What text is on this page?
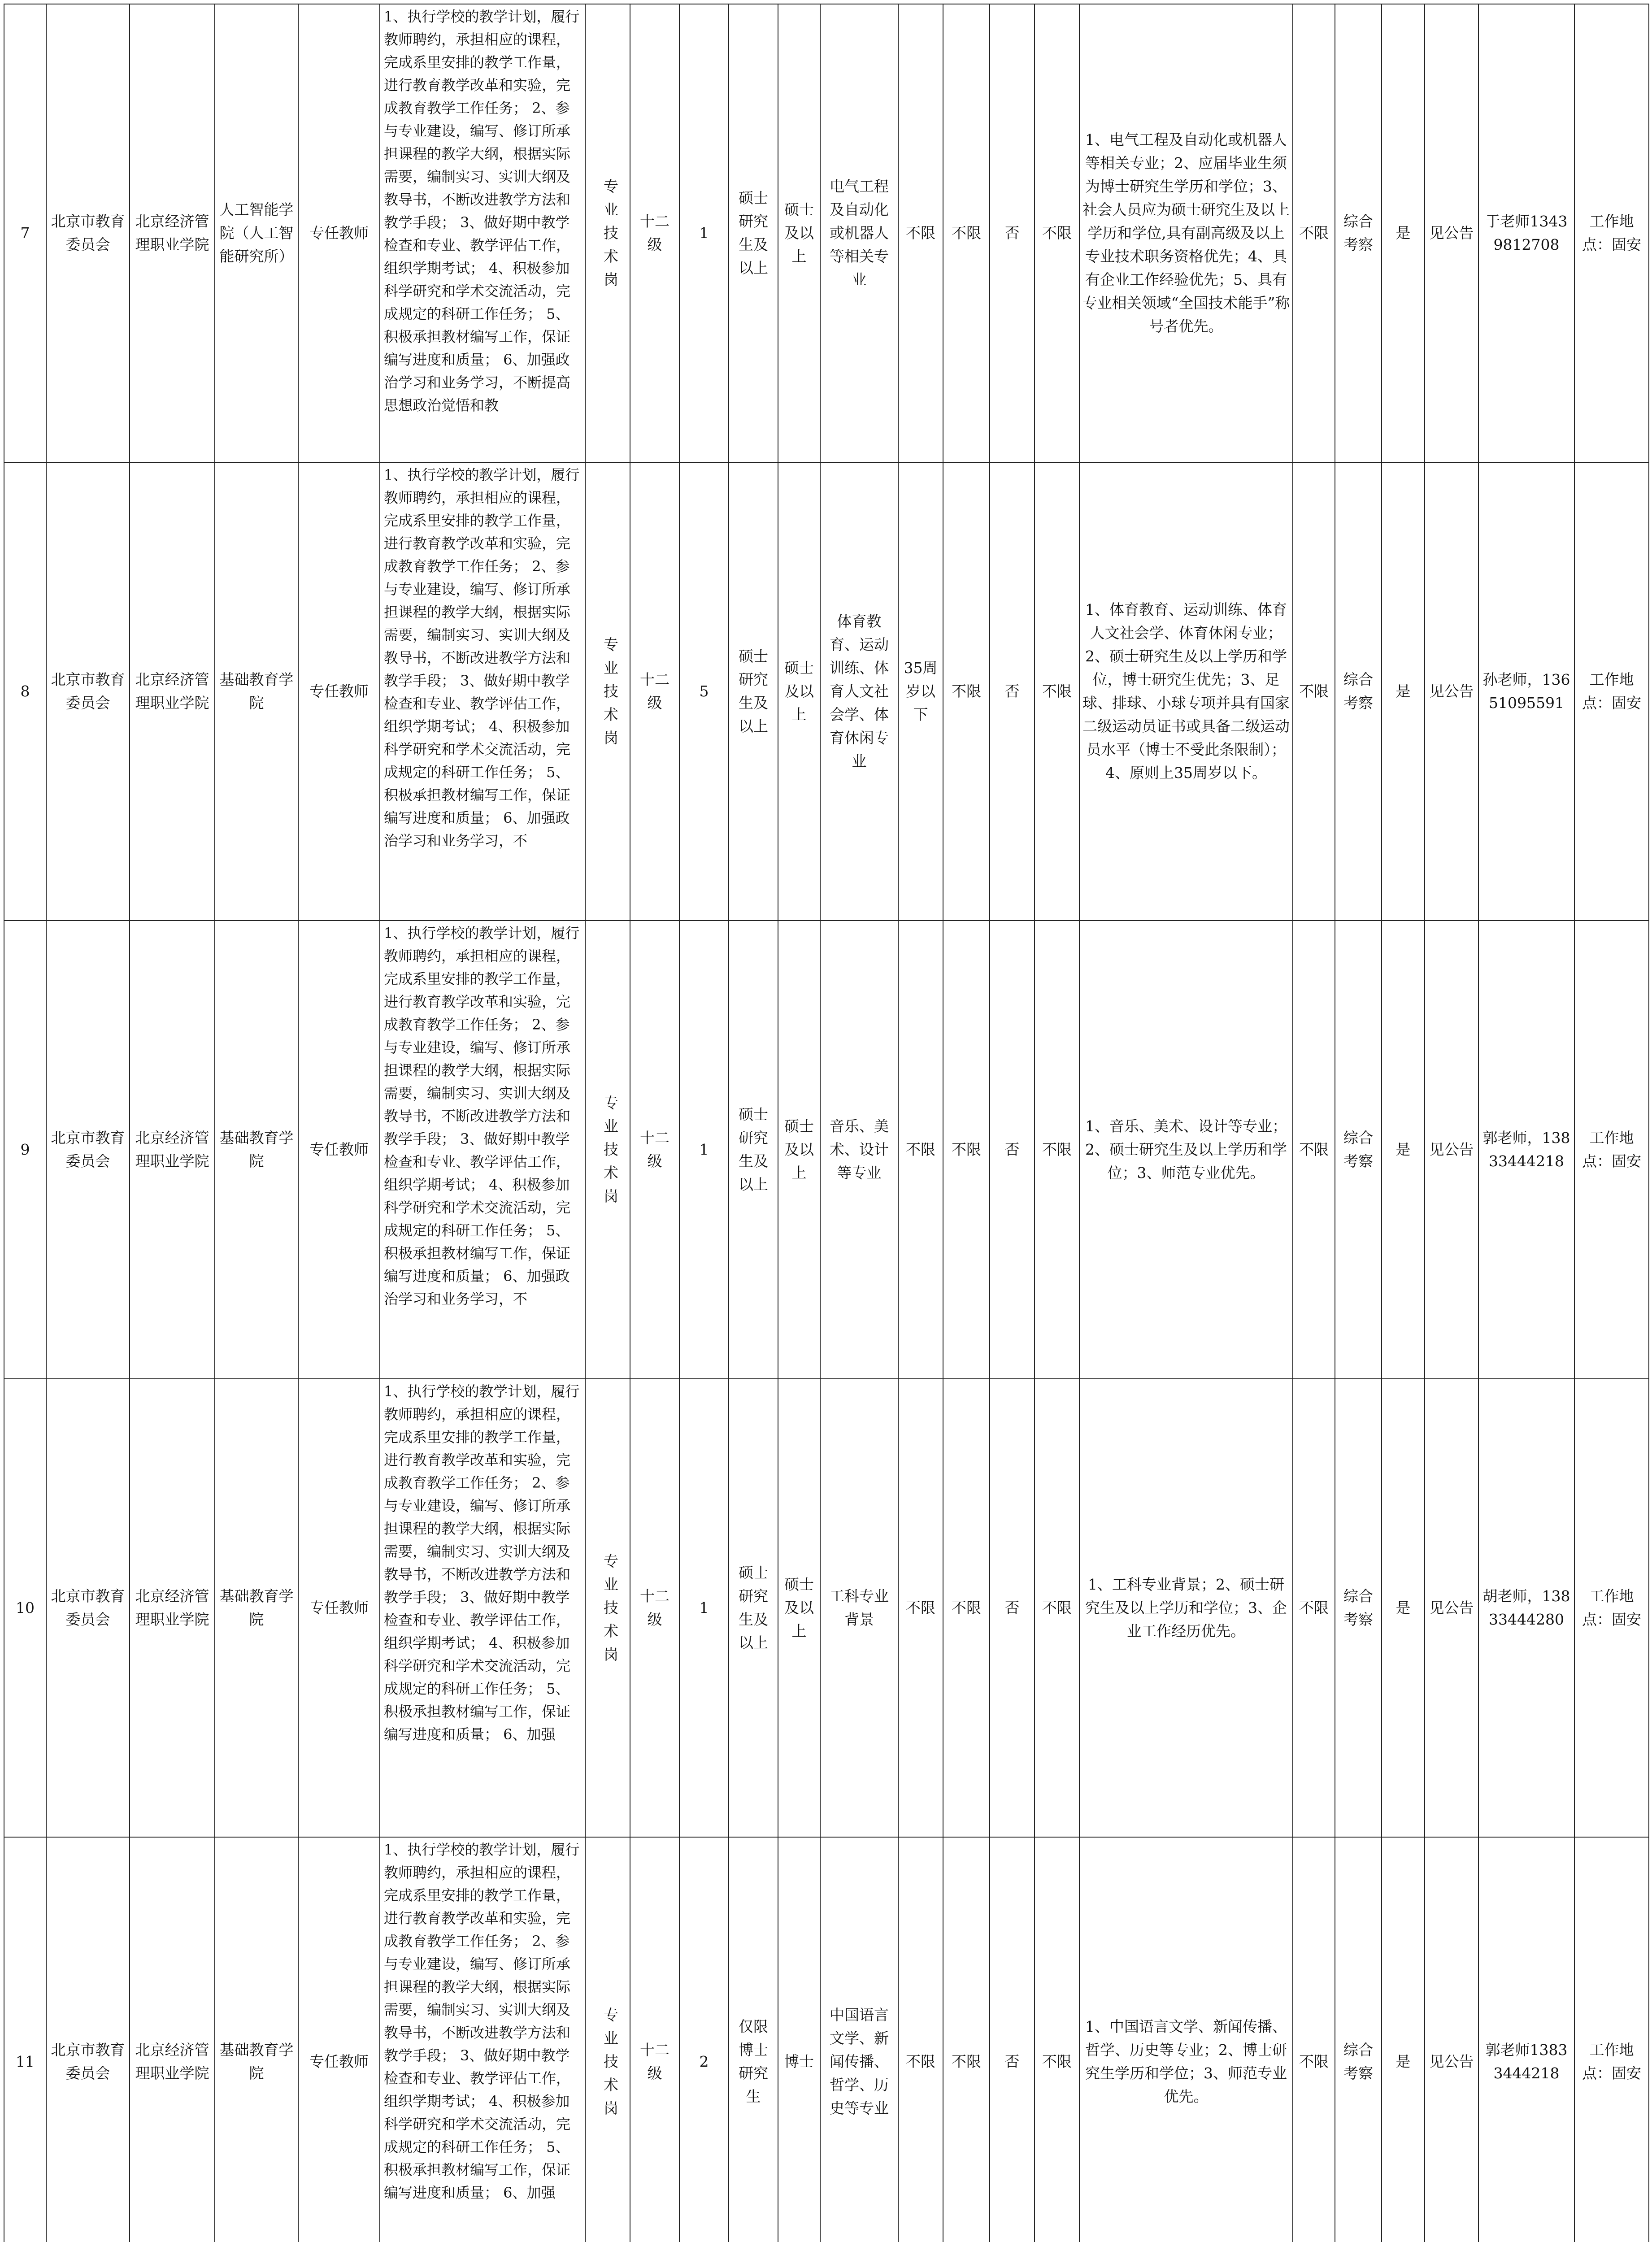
7	北京市教育委员会	北京经济管理职业学院	人工智能学院（人工智能研究所）	专任教师	1、执行学校的教学计划，履行教师聘约，承担相应的课程，完成系里安排的教学工作量，进行教育教学改革和实验，完成教育教学工作任务； 2、参与专业建设，编写、修订所承担课程的教学大纲，根据实际需要，编制实习、实训大纲及教导书，不断改进教学方法和教学手段； 3、做好期中教学检查和专业、教学评估工作，组织学期考试； 4、积极参加科学研究和学术交流活动，完成规定的科研工作任务； 5、积极承担教材编写工作，保证编写进度和质量； 6、加强政治学习和业务学习，不断提高思想政治觉悟和教	专业技术岗	十二级	1	硕士研究生及以上	硕士及以上	电气工程及自动化或机器人等相关专业	不限	不限	否	不限	1、电气工程及自动化或机器人等相关专业；2、应届毕业生须为博士研究生学历和学位；3、社会人员应为硕士研究生及以上学历和学位,具有副高级及以上专业技术职务资格优先；4、具有企业工作经验优先；5、具有专业相关领域“全国技术能手”称号者优先。	不限	综合考察	是	见公告	于老师13439812708	工作地点：固安
8	北京市教育委员会	北京经济管理职业学院	基础教育学院	专任教师	1、执行学校的教学计划，履行教师聘约，承担相应的课程，完成系里安排的教学工作量，进行教育教学改革和实验，完成教育教学工作任务； 2、参与专业建设，编写、修订所承担课程的教学大纲，根据实际需要，编制实习、实训大纲及教导书，不断改进教学方法和教学手段； 3、做好期中教学检查和专业、教学评估工作，组织学期考试； 4、积极参加科学研究和学术交流活动，完成规定的科研工作任务； 5、积极承担教材编写工作，保证编写进度和质量； 6、加强政治学习和业务学习，不	专业技术岗	十二级	5	硕士研究生及以上	硕士及以上	体育教育、运动训练、体育人文社会学、体育休闲专业	35周岁以下	不限	否	不限	1、体育教育、运动训练、体育人文社会学、体育休闲专业；2、硕士研究生及以上学历和学位，博士研究生优先；3、足球、排球、小球专项并具有国家二级运动员证书或具备二级运动员水平（博士不受此条限制）；4、原则上35周岁以下。	不限	综合考察	是	见公告	孙老师，13651095591	工作地点：固安
9	北京市教育委员会	北京经济管理职业学院	基础教育学院	专任教师	1、执行学校的教学计划，履行教师聘约，承担相应的课程，完成系里安排的教学工作量，进行教育教学改革和实验，完成教育教学工作任务； 2、参与专业建设，编写、修订所承担课程的教学大纲，根据实际需要，编制实习、实训大纲及教导书，不断改进教学方法和教学手段； 3、做好期中教学检查和专业、教学评估工作，组织学期考试； 4、积极参加科学研究和学术交流活动，完成规定的科研工作任务； 5、积极承担教材编写工作，保证编写进度和质量； 6、加强政治学习和业务学习，不	专业技术岗	十二级	1	硕士研究生及以上	硕士及以上	音乐、美术、设计等专业	不限	不限	否	不限	1、音乐、美术、设计等专业；2、硕士研究生及以上学历和学位；3、师范专业优先。	不限	综合考察	是	见公告	郭老师，13833444218	工作地点：固安
10	北京市教育委员会	北京经济管理职业学院	基础教育学院	专任教师	1、执行学校的教学计划，履行教师聘约，承担相应的课程，完成系里安排的教学工作量，进行教育教学改革和实验，完成教育教学工作任务； 2、参与专业建设，编写、修订所承担课程的教学大纲，根据实际需要，编制实习、实训大纲及教导书，不断改进教学方法和教学手段； 3、做好期中教学检查和专业、教学评估工作，组织学期考试； 4、积极参加科学研究和学术交流活动，完成规定的科研工作任务； 5、积极承担教材编写工作，保证编写进度和质量； 6、加强	专业技术岗	十二级	1	硕士研究生及以上	硕士及以上	工科专业背景	不限	不限	否	不限	1、工科专业背景；2、硕士研究生及以上学历和学位；3、企业工作经历优先。	不限	综合考察	是	见公告	胡老师，13833444280	工作地点：固安
11	北京市教育委员会	北京经济管理职业学院	基础教育学院	专任教师	1、执行学校的教学计划，履行教师聘约，承担相应的课程，完成系里安排的教学工作量，进行教育教学改革和实验，完成教育教学工作任务； 2、参与专业建设，编写、修订所承担课程的教学大纲，根据实际需要，编制实习、实训大纲及教导书，不断改进教学方法和教学手段； 3、做好期中教学检查和专业、教学评估工作，组织学期考试； 4、积极参加科学研究和学术交流活动，完成规定的科研工作任务； 5、积极承担教材编写工作，保证编写进度和质量； 6、加强	专业技术岗	十二级	2	仅限博士研究生	博士	中国语言文学、新闻传播、哲学、历史等专业	不限	不限	否	不限	1、中国语言文学、新闻传播、哲学、历史等专业；2、博士研究生学历和学位；3、师范专业优先。	不限	综合考察	是	见公告	郭老师13833444218	工作地点：固安
